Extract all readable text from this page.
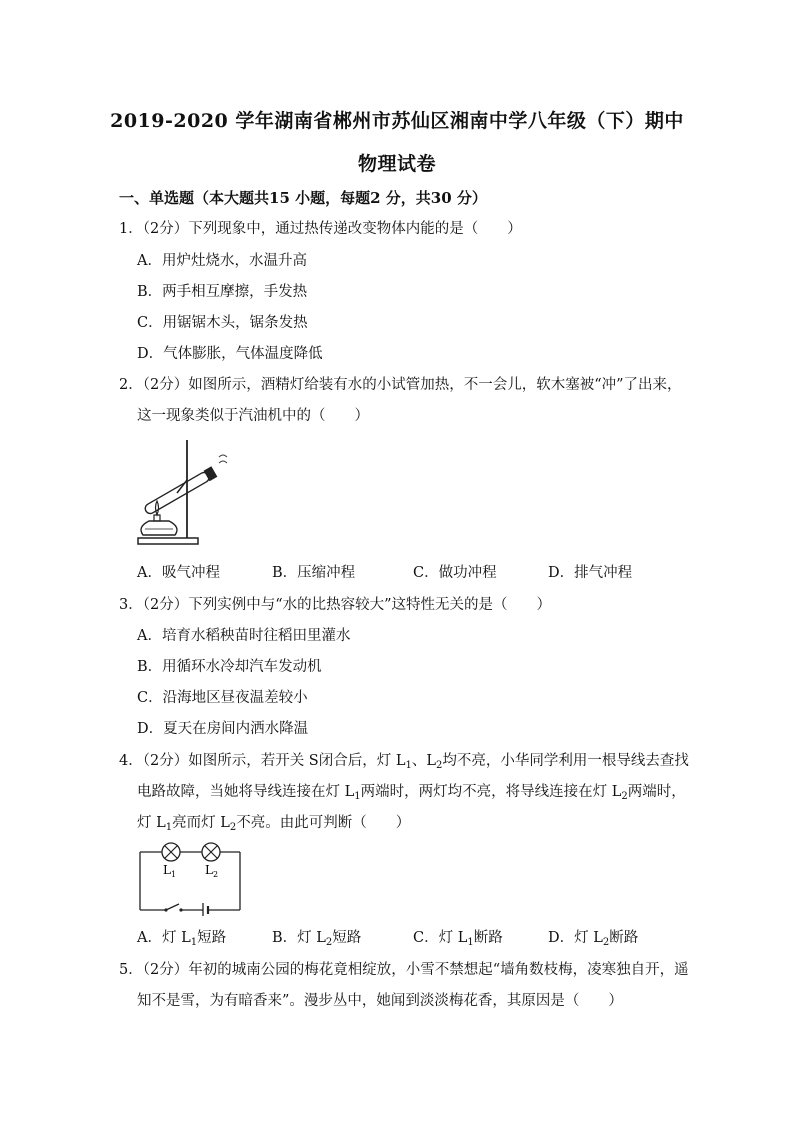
2019-2020 学年湖南省郴州市苏仙区湘南中学八年级（下）期中
物理试卷
一、单选题（本大题共15 小题，每题2 分，共30 分）
1．（2分）下列现象中，通过热传递改变物体内能的是（　　）
A．用炉灶烧水，水温升高
B．两手相互摩擦，手发热
C．用锯锯木头，锯条发热
D．气体膨胀，气体温度降低
2．（2分）如图所示，酒精灯给装有水的小试管加热，不一会儿，软木塞被“冲”了出来，
这一现象类似于汽油机中的（　　）
A．吸气冲程	B．压缩冲程	C．做功冲程	D．排气冲程
3．（2分）下列实例中与“水的比热容较大”这特性无关的是（　　）
A．培育水稻秧苗时往稻田里灌水
B．用循环水冷却汽车发动机
C．沿海地区昼夜温差较小
D．夏天在房间内洒水降温
4．（2分）如图所示，若开关 S闭合后，灯 $L_1$、$L_2$均不亮，小华同学利用一根导线去查找
电路故障，当她将导线连接在灯 $L_1$两端时，两灯均不亮，将导线连接在灯 $L_2$两端时，
灯 $L_1$亮而灯 $L_2$不亮。由此可判断（　　）
$L_1$ $L_2$
A．灯 $L_1$短路	B．灯 $L_2$短路	C．灯 $L_1$断路	D．灯 $L_2$断路
5．（2分）年初的城南公园的梅花竟相绽放，小雪不禁想起“墙角数枝梅，凌寒独自开，遥
知不是雪，为有暗香来”。漫步丛中，她闻到淡淡梅花香，其原因是（　　）
